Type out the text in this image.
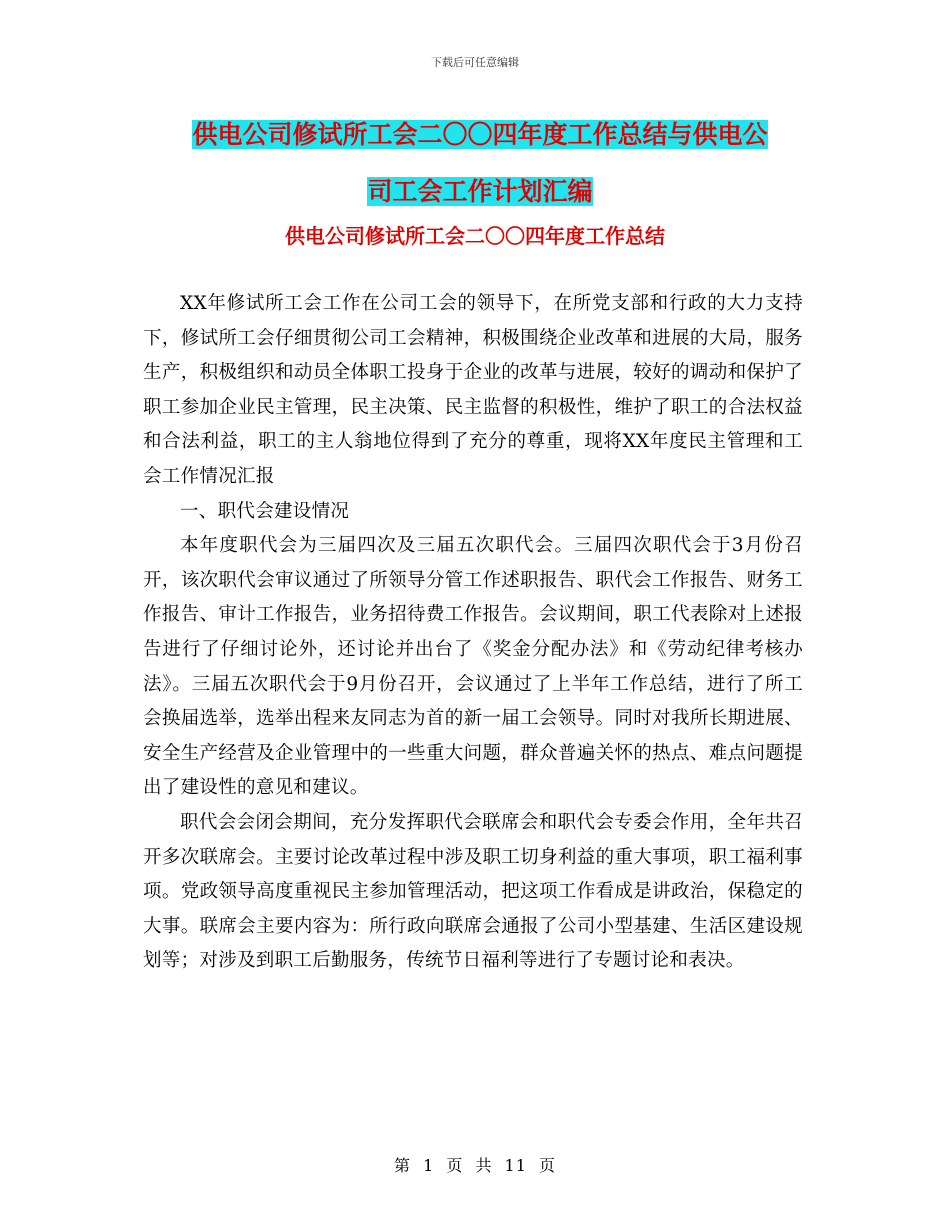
下载后可任意编辑
供电公司修试所工会二〇〇四年度工作总结与供电公
司工会工作计划汇编
供电公司修试所工会二〇〇四年度工作总结

XX年修试所工会工作在公司工会的领导下，在所党支部和行政的大力支持下，修试所工会仔细贯彻公司工会精神，积极围绕企业改革和进展的大局，服务生产，积极组织和动员全体职工投身于企业的改革与进展，较好的调动和保护了职工参加企业民主管理，民主决策、民主监督的积极性，维护了职工的合法权益和合法利益，职工的主人翁地位得到了充分的尊重，现将XX年度民主管理和工会工作情况汇报

一、职代会建设情况

本年度职代会为三届四次及三届五次职代会。三届四次职代会于3月份召开，该次职代会审议通过了所领导分管工作述职报告、职代会工作报告、财务工作报告、审计工作报告，业务招待费工作报告。会议期间，职工代表除对上述报告进行了仔细讨论外，还讨论并出台了《奖金分配办法》和《劳动纪律考核办法》。三届五次职代会于9月份召开，会议通过了上半年工作总结，进行了所工会换届选举，选举出程来友同志为首的新一届工会领导。同时对我所长期进展、安全生产经营及企业管理中的一些重大问题，群众普遍关怀的热点、难点问题提出了建设性的意见和建议。

职代会会闭会期间，充分发挥职代会联席会和职代会专委会作用，全年共召开多次联席会。主要讨论改革过程中涉及职工切身利益的重大事项，职工福利事项。党政领导高度重视民主参加管理活动，把这项工作看成是讲政治，保稳定的大事。联席会主要内容为：所行政向联席会通报了公司小型基建、生活区建设规划等；对涉及到职工后勤服务，传统节日福利等进行了专题讨论和表决。

第 1 页 共 11 页
